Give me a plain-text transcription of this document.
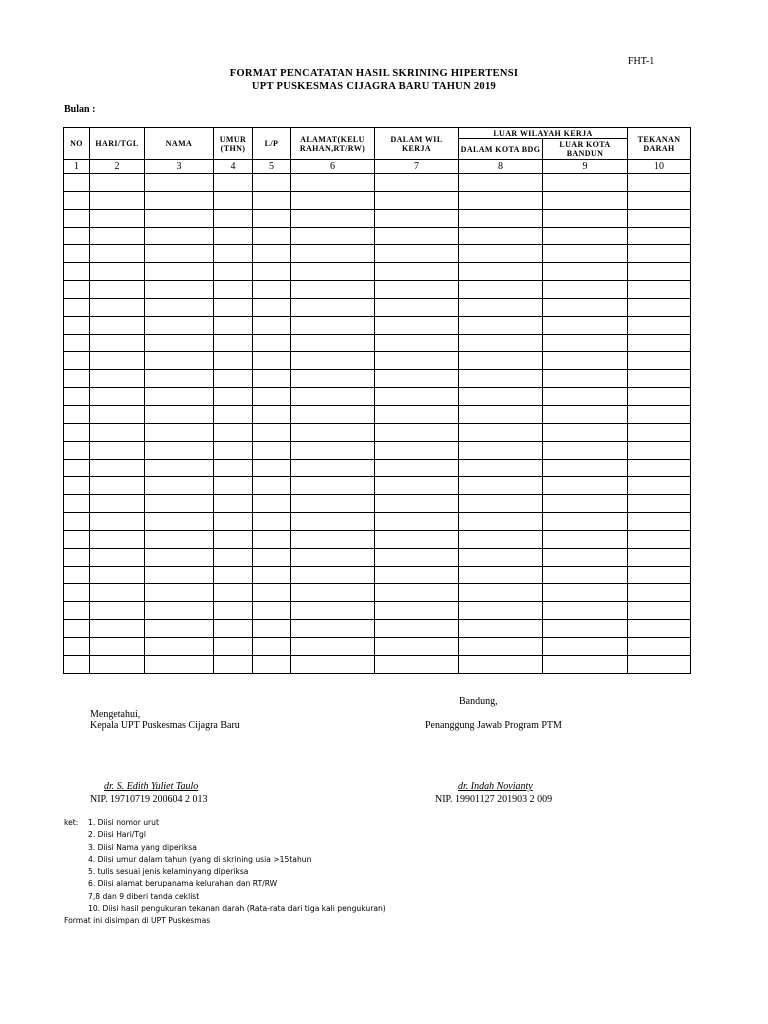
FHT-1
FORMAT PENCATATAN HASIL SKRINING HIPERTENSI
UPT PUSKESMAS CIJAGRA BARU TAHUN 2019
Bulan :
NO	HARI/TGL	NAMA	UMUR (THN)	L/P	ALAMAT(KELU RAHAN,RT/RW)	DALAM WIL KERJA	LUAR WILAYAH KERJA		TEKANAN DARAH
							DALAM KOTA BDG	LUAR KOTA BANDUN	
1	2	3	4	5	6	7	8	9	10

Bandung,
Mengetahui,
Kepala UPT Puskesmas Cijagra Baru	Penanggung Jawab Program PTM
dr. S. Edith Yuliet Taulo
NIP. 19710719 200604 2 013
dr. Indah Novianty
NIP. 19901127 201903 2 009
ket: 1. Diisi nomor urut
2. Diisi Hari/Tgl
3. Diisi Nama yang diperiksa
4. Diisi umur dalam tahun (yang di skrining usia >15tahun
5. tulis sesuai jenis kelaminyang diperiksa
6. Diisi alamat berupanama kelurahan dan RT/RW
7,8 dan 9 diberi tanda ceklist
10. Diisi hasil pengukuran tekanan darah (Rata-rata dari tiga kali pengukuran)
Format ini disimpan di UPT Puskesmas
